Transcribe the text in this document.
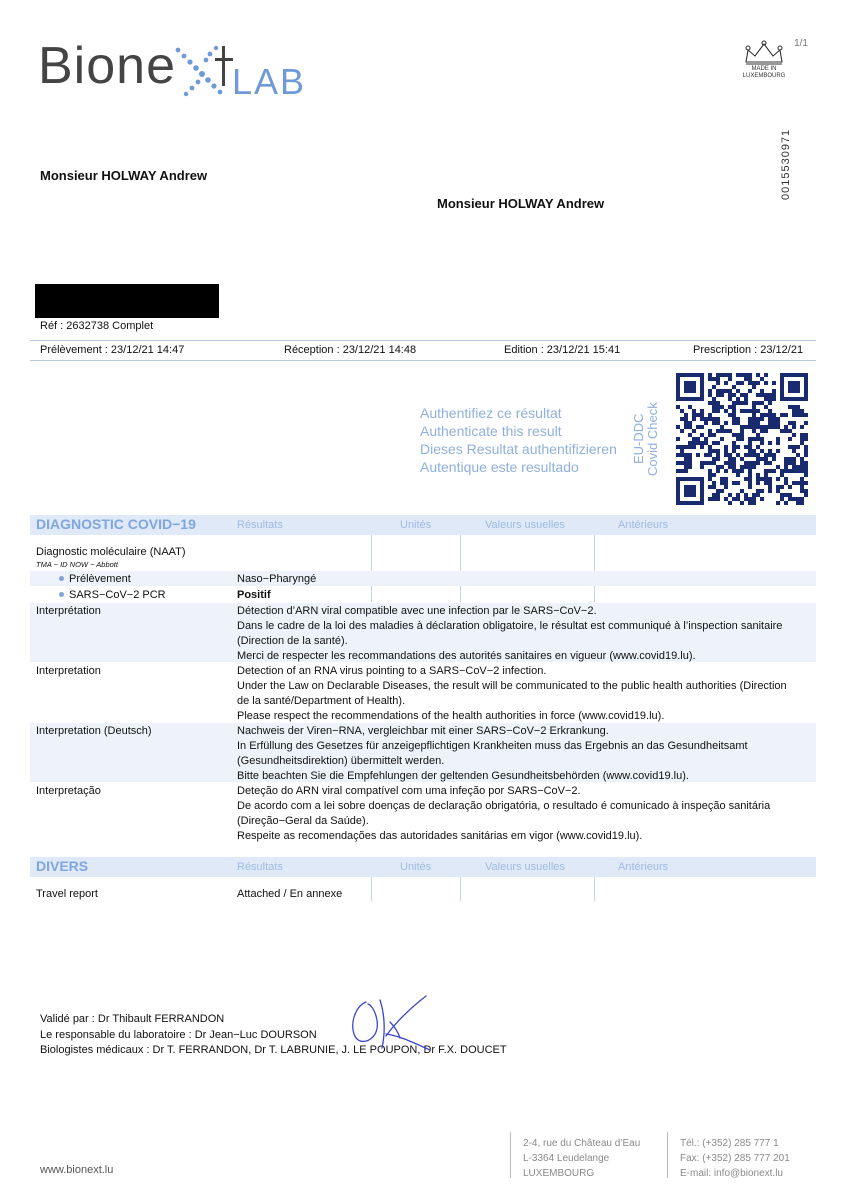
Bione LAB
1/1
MADE IN
LUXEMBOURG
0015530971
Monsieur HOLWAY Andrew
Monsieur HOLWAY Andrew
Réf : 2632738 Complet
Prélèvement : 23/12/21 14:47	Réception : 23/12/21 14:48	Edition : 23/12/21 15:41	Prescription : 23/12/21
Authentifiez ce résultat
Authenticate this result
Dieses Resultat authentifizieren
Autentique este resultado
EU-DDC
Covid Check
DIAGNOSTIC COVID−19	Résultats	Unités	Valeurs usuelles	Antérieurs
Diagnostic moléculaire (NAAT)
TMA − ID NOW − Abbott
Prélèvement	Naso−Pharyngé
SARS−CoV−2 PCR	Positif
Interprétation	Détection d’ARN viral compatible avec une infection par le SARS−CoV−2.
Dans le cadre de la loi des maladies à déclaration obligatoire, le résultat est communiqué à l’inspection sanitaire
(Direction de la santé).
Merci de respecter les recommandations des autorités sanitaires en vigueur (www.covid19.lu).
Interpretation	Detection of an RNA virus pointing to a SARS−CoV−2 infection.
Under the Law on Declarable Diseases, the result will be communicated to the public health authorities (Direction
de la santé/Department of Health).
Please respect the recommendations of the health authorities in force (www.covid19.lu).
Interpretation (Deutsch)	Nachweis der Viren−RNA, vergleichbar mit einer SARS−CoV−2 Erkrankung.
In Erfüllung des Gesetzes für anzeigepflichtigen Krankheiten muss das Ergebnis an das Gesundheitsamt
(Gesundheitsdirektion) übermittelt werden.
Bitte beachten Sie die Empfehlungen der geltenden Gesundheitsbehörden (www.covid19.lu).
Interpretação	Deteção do ARN viral compatível com uma infeção por SARS−CoV−2.
De acordo com a lei sobre doenças de declaração obrigatória, o resultado é comunicado à inspeção sanitária
(Direção−Geral da Saúde).
Respeite as recomendações das autoridades sanitárias em vigor (www.covid19.lu).
DIVERS	Résultats	Unités	Valeurs usuelles	Antérieurs
Travel report	Attached / En annexe
Validé par : Dr Thibault FERRANDON
Le responsable du laboratoire : Dr Jean−Luc DOURSON
Biologistes médicaux : Dr T. FERRANDON, Dr T. LABRUNIE, J. LE POUPON, Dr F.X. DOUCET
2-4, rue du Château d’Eau
L-3364 Leudelange
LUXEMBOURG
Tél.: (+352) 285 777 1
Fax: (+352) 285 777 201
E-mail: info@bionext.lu
www.bionext.lu
